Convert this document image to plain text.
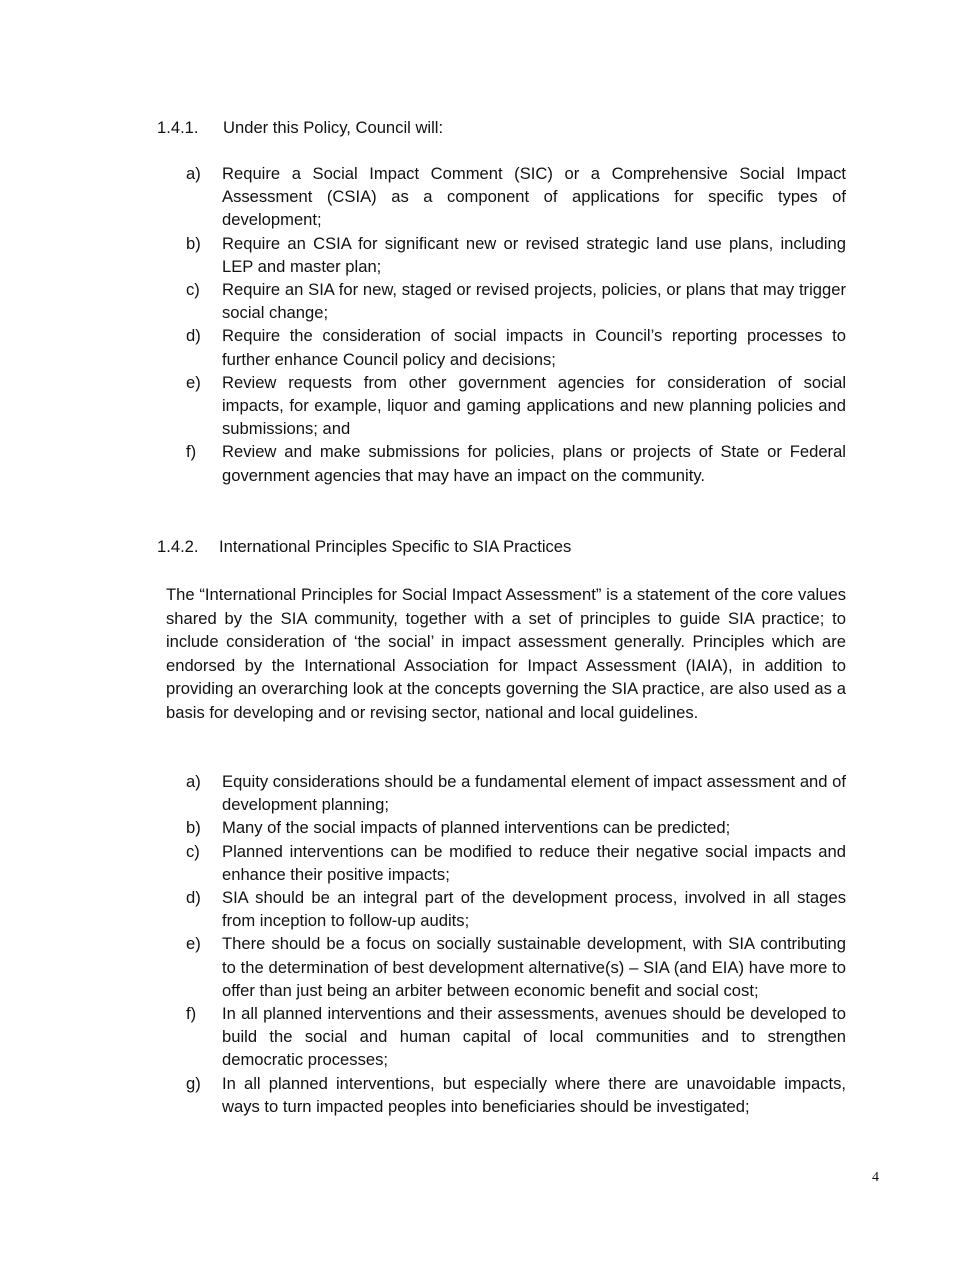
1.4.1. Under this Policy, Council will:
a) Require a Social Impact Comment (SIC) or a Comprehensive Social Impact Assessment (CSIA) as a component of applications for specific types of development;
b) Require an CSIA for significant new or revised strategic land use plans, including LEP and master plan;
c) Require an SIA for new, staged or revised projects, policies, or plans that may trigger social change;
d) Require the consideration of social impacts in Council’s reporting processes to further enhance Council policy and decisions;
e) Review requests from other government agencies for consideration of social impacts, for example, liquor and gaming applications and new planning policies and submissions; and
f) Review and make submissions for policies, plans or projects of State or Federal government agencies that may have an impact on the community.
1.4.2. International Principles Specific to SIA Practices

The “International Principles for Social Impact Assessment” is a statement of the core values shared by the SIA community, together with a set of principles to guide SIA practice; to include consideration of ‘the social’ in impact assessment generally. Principles which are endorsed by the International Association for Impact Assessment (IAIA), in addition to providing an overarching look at the concepts governing the SIA practice, are also used as a basis for developing and or revising sector, national and local guidelines.

a) Equity considerations should be a fundamental element of impact assessment and of development planning;
b) Many of the social impacts of planned interventions can be predicted;
c) Planned interventions can be modified to reduce their negative social impacts and enhance their positive impacts;
d) SIA should be an integral part of the development process, involved in all stages from inception to follow-up audits;
e) There should be a focus on socially sustainable development, with SIA contributing to the determination of best development alternative(s) – SIA (and EIA) have more to offer than just being an arbiter between economic benefit and social cost;
f) In all planned interventions and their assessments, avenues should be developed to build the social and human capital of local communities and to strengthen democratic processes;
g) In all planned interventions, but especially where there are unavoidable impacts, ways to turn impacted peoples into beneficiaries should be investigated;
4
